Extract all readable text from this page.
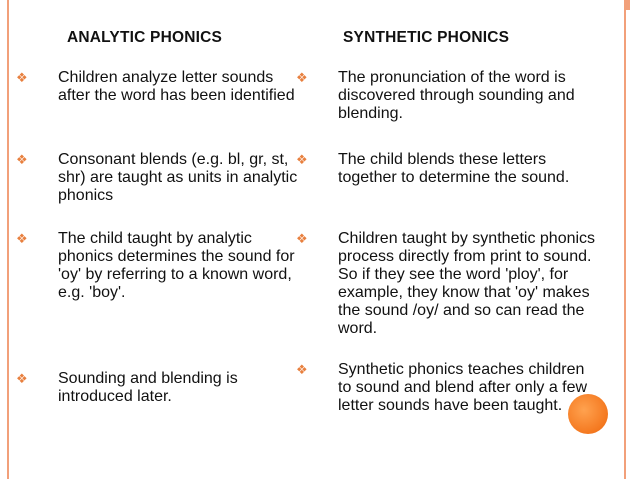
ANALYTIC PHONICS	SYNTHETIC PHONICS
❖ Children analyze letter sounds after the word has been identified
❖ Consonant blends (e.g. bl, gr, st, shr) are taught as units in analytic phonics
❖ The child taught by analytic phonics determines the sound for 'oy' by referring to a known word, e.g. 'boy'.
❖ Sounding and blending is introduced later.
❖ The pronunciation of the word is discovered through sounding and blending.
❖ The child blends these letters together to determine the sound.
❖ Children taught by synthetic phonics process directly from print to sound. So if they see the word 'ploy', for example, they know that 'oy' makes the sound /oy/ and so can read the word.
❖ Synthetic phonics teaches children to sound and blend after only a few letter sounds have been taught.
